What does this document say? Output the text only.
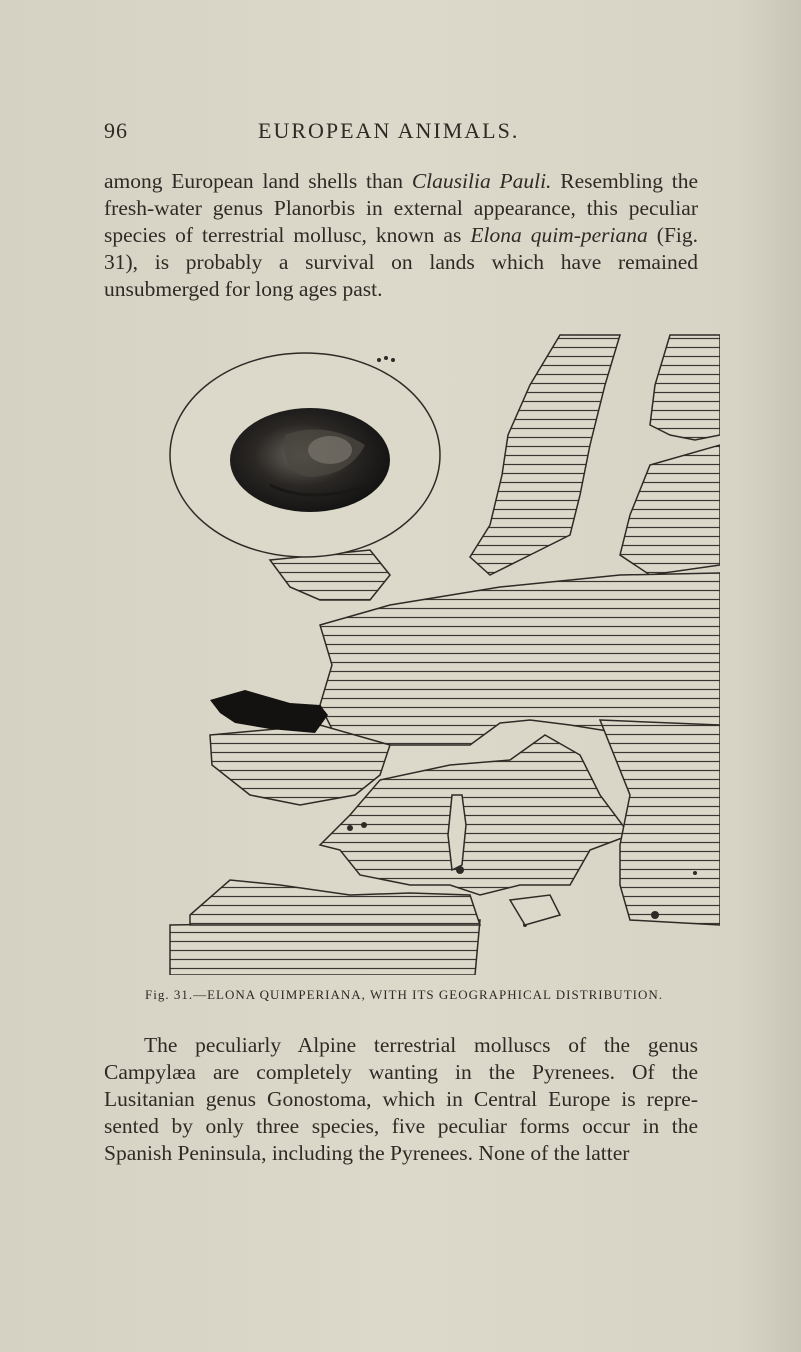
96	EUROPEAN ANIMALS.

among European land shells than Clausilia Pauli. Resembling the fresh-water genus Planorbis in external appearance, this peculiar species of terrestrial mollusc, known as Elona quim-periana (Fig. 31), is probably a survival on lands which have remained unsubmerged for long ages past.

Fig. 31.—ELONA QUIMPERIANA, WITH ITS GEOGRAPHICAL DISTRIBUTION.

The peculiarly Alpine terrestrial molluscs of the genus Campylæa are completely wanting in the Pyrenees. Of the Lusitanian genus Gonostoma, which in Central Europe is repre-sented by only three species, five peculiar forms occur in the Spanish Peninsula, including the Pyrenees. None of the latter
